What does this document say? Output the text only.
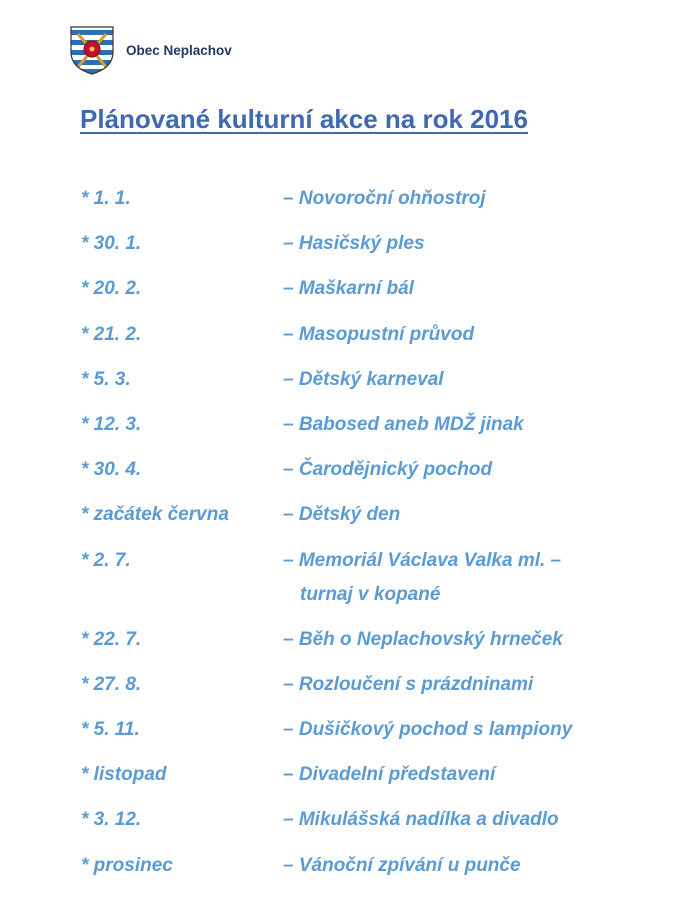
Obec Neplachov
Plánované kulturní akce na rok 2016
* 1. 1.	– Novoroční ohňostroj
* 30. 1.	– Hasičský ples
* 20. 2.	– Maškarní bál
* 21. 2.	– Masopustní průvod
* 5. 3.	– Dětský karneval
* 12. 3.	– Babosed aneb MDŽ jinak
* 30. 4.	– Čarodějnický pochod
* začátek června	– Dětský den
* 2. 7.	– Memoriál Václava Valka ml. –
turnaj v kopané
* 22. 7.	– Běh o Neplachovský hrneček
* 27. 8.	– Rozloučení s prázdninami
* 5. 11.	– Dušičkový pochod s lampiony
* listopad	– Divadelní představení
* 3. 12.	– Mikulášská nadílka a divadlo
* prosinec	– Vánoční zpívání u punče
